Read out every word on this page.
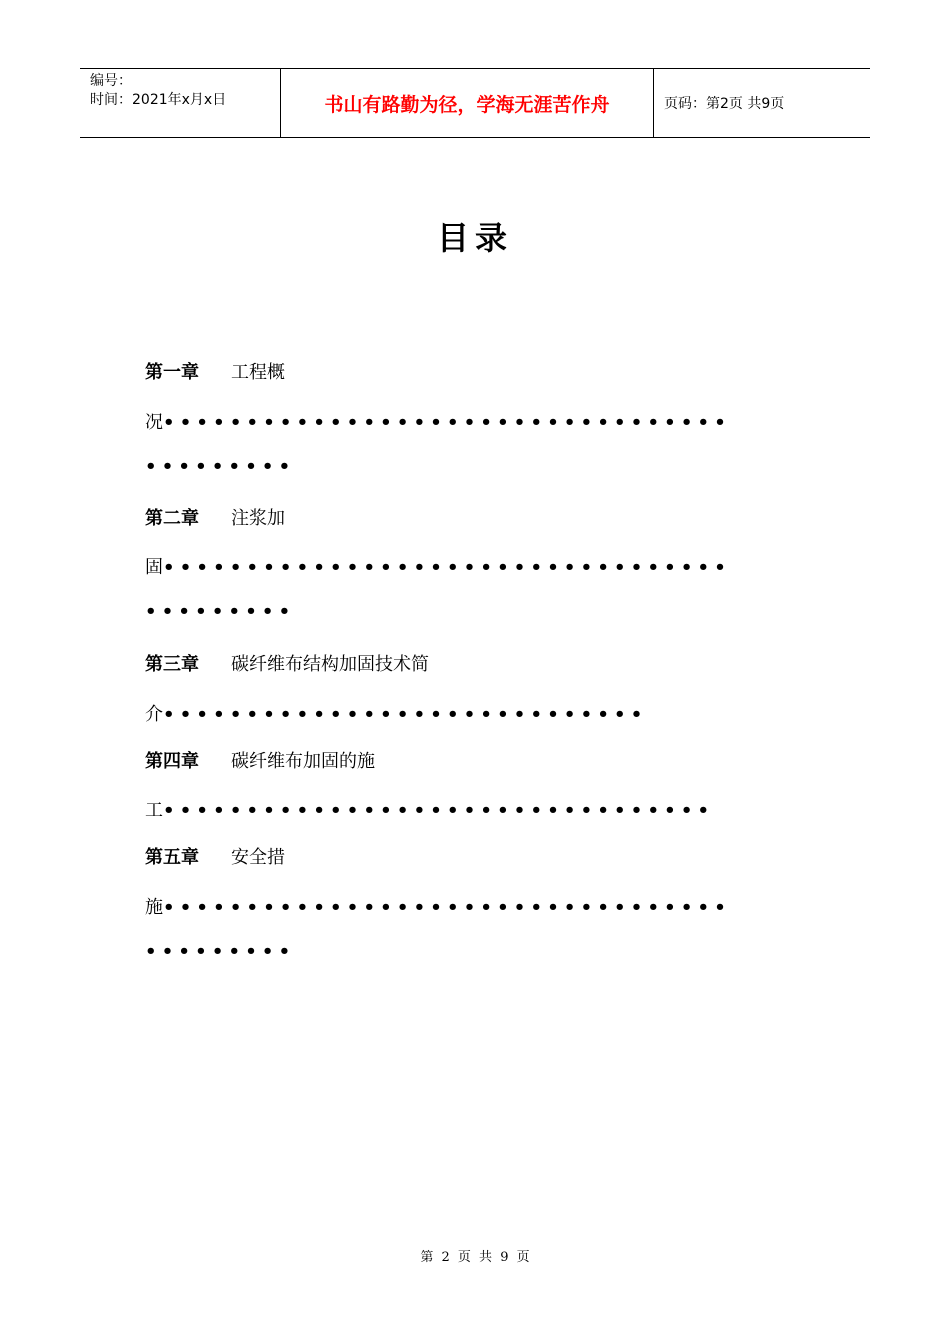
编号：
时间：2021年x月x日	书山有路勤为径，学海无涯苦作舟	页码：第2页 共9页
目录
第一章 工程概
况••••••••••••••••••••••••••••••••••
•••••••••
第二章 注浆加
固••••••••••••••••••••••••••••••••••
•••••••••
第三章 碳纤维布结构加固技术简
介•••••••••••••••••••••••••••••
第四章 碳纤维布加固的施
工•••••••••••••••••••••••••••••••••
第五章 安全措
施••••••••••••••••••••••••••••••••••
•••••••••
第 2 页 共 9 页
